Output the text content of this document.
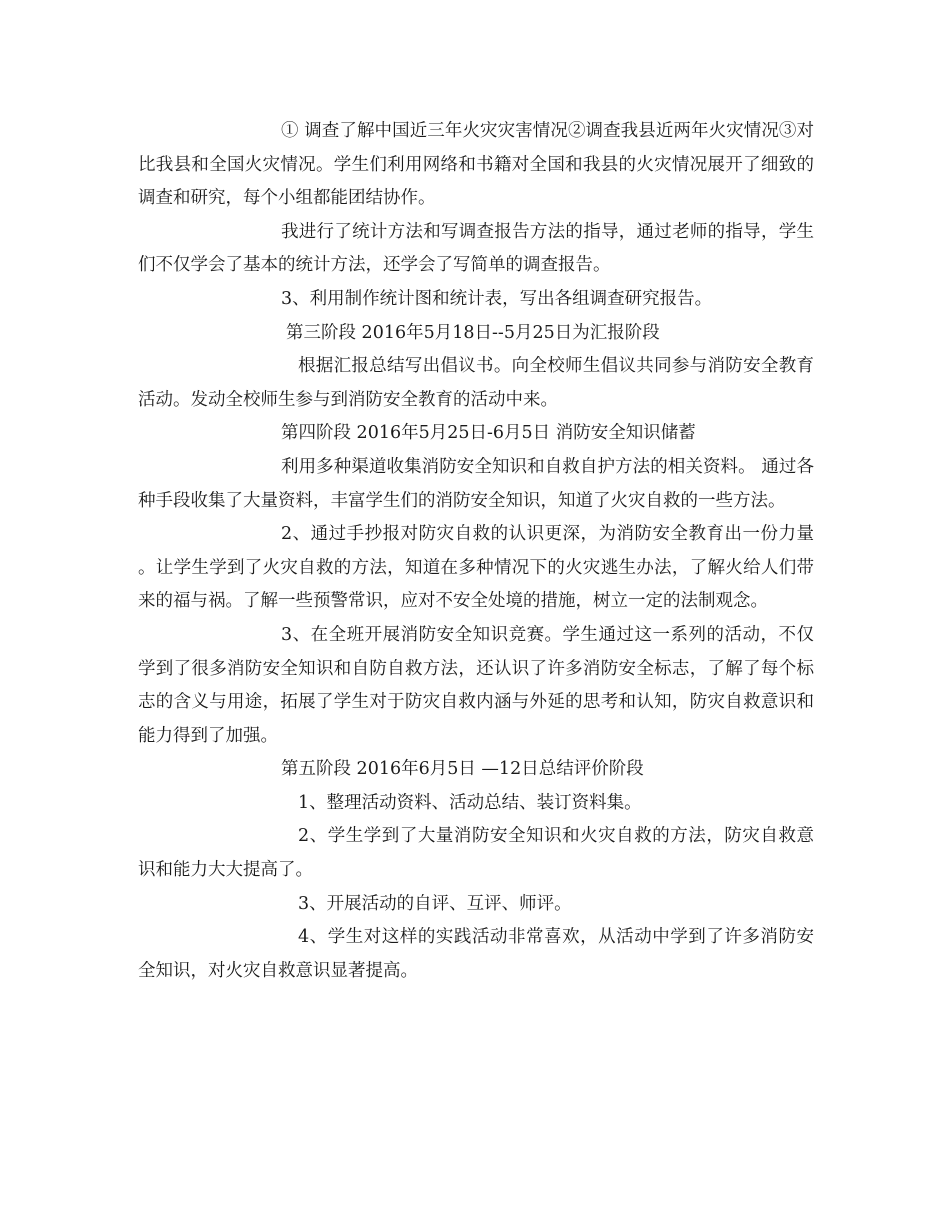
① 调查了解中国近三年火灾灾害情况②调查我县近两年火灾情况③对比我县和全国火灾情况。学生们利用网络和书籍对全国和我县的火灾情况展开了细致的调查和研究，每个小组都能团结协作。

我进行了统计方法和写调查报告方法的指导，通过老师的指导，学生们不仅学会了基本的统计方法，还学会了写简单的调查报告。

3、利用制作统计图和统计表，写出各组调查研究报告。

第三阶段 2016年5月18日--5月25日为汇报阶段

根据汇报总结写出倡议书。向全校师生倡议共同参与消防安全教育活动。发动全校师生参与到消防安全教育的活动中来。

第四阶段 2016年5月25日-6月5日 消防安全知识储蓄

利用多种渠道收集消防安全知识和自救自护方法的相关资料。 通过各种手段收集了大量资料，丰富学生们的消防安全知识，知道了火灾自救的一些方法。

2、通过手抄报对防灾自救的认识更深，为消防安全教育出一份力量 。让学生学到了火灾自救的方法，知道在多种情况下的火灾逃生办法，了解火给人们带来的福与祸。了解一些预警常识，应对不安全处境的措施，树立一定的法制观念。

3、在全班开展消防安全知识竞赛。学生通过这一系列的活动，不仅学到了很多消防安全知识和自防自救方法，还认识了许多消防安全标志，了解了每个标志的含义与用途，拓展了学生对于防灾自救内涵与外延的思考和认知，防灾自救意识和能力得到了加强。

第五阶段 2016年6月5日 —12日总结评价阶段

1、整理活动资料、活动总结、装订资料集。

2、学生学到了大量消防安全知识和火灾自救的方法，防灾自救意识和能力大大提高了。

3、开展活动的自评、互评、师评。

4、学生对这样的实践活动非常喜欢，从活动中学到了许多消防安全知识，对火灾自救意识显著提高。
